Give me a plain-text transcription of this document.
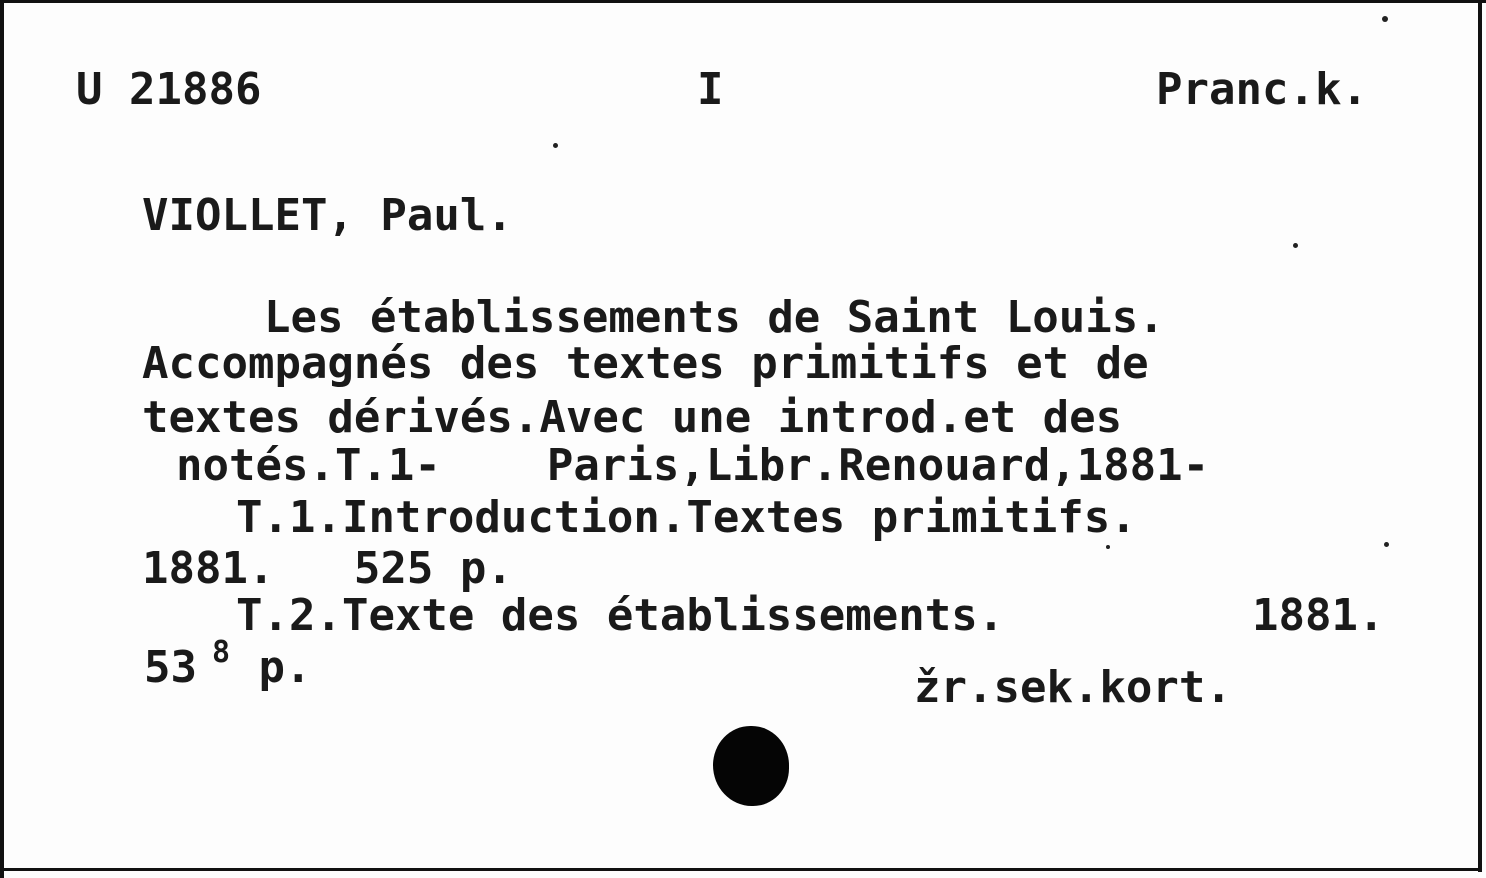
U 21886	I	Pranc.k.
VIOLLET, Paul.
Les établissements de Saint Louis.
Accompagnés des textes primitifs et de
textes dérivés.Avec une introd.et des
notés.T.1-    Paris,Libr.Renouard,1881-
T.1.Introduction.Textes primitifs.
1881.   525 p.
T.2.Texte des établissements.	1881.
53 8 p.	žr.sek.kort.
